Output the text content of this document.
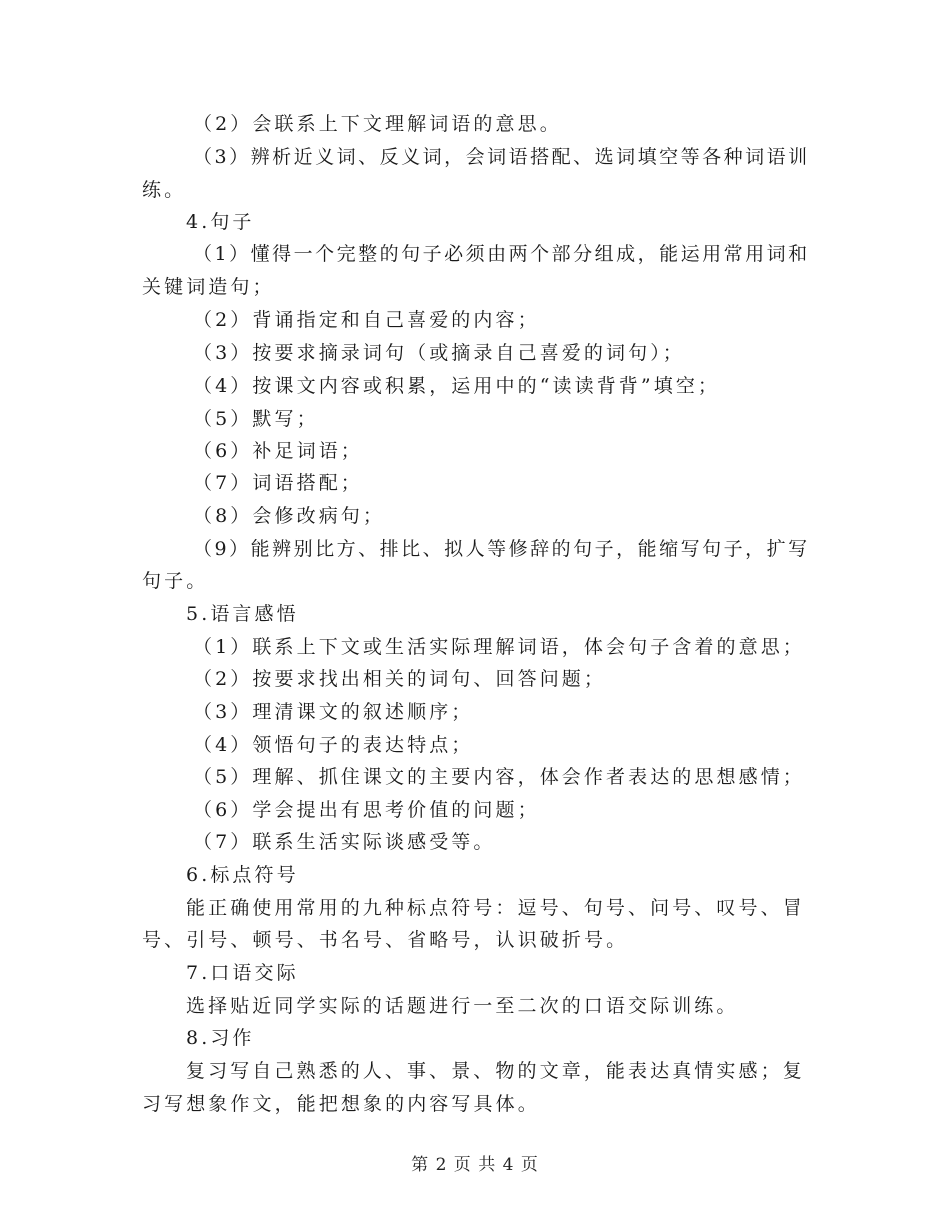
（2）会联系上下文理解词语的意思。
（3）辨析近义词、反义词，会词语搭配、选词填空等各种词语训
练。
4.句子
（1）懂得一个完整的句子必须由两个部分组成，能运用常用词和
关键词造句；
（2）背诵指定和自己喜爱的内容；
（3）按要求摘录词句（或摘录自己喜爱的词句）；
（4）按课文内容或积累，运用中的“读读背背”填空；
（5）默写；
（6）补足词语；
（7）词语搭配；
（8）会修改病句；
（9）能辨别比方、排比、拟人等修辞的句子，能缩写句子，扩写
句子。
5.语言感悟
（1）联系上下文或生活实际理解词语，体会句子含着的意思；
（2）按要求找出相关的词句、回答问题；
（3）理清课文的叙述顺序；
（4）领悟句子的表达特点；
（5）理解、抓住课文的主要内容，体会作者表达的思想感情；
（6）学会提出有思考价值的问题；
（7）联系生活实际谈感受等。
6.标点符号
能正确使用常用的九种标点符号：逗号、句号、问号、叹号、冒
号、引号、顿号、书名号、省略号，认识破折号。
7.口语交际
选择贴近同学实际的话题进行一至二次的口语交际训练。
8.习作
复习写自己熟悉的人、事、景、物的文章，能表达真情实感；复
习写想象作文，能把想象的内容写具体。
第 2 页 共 4 页
